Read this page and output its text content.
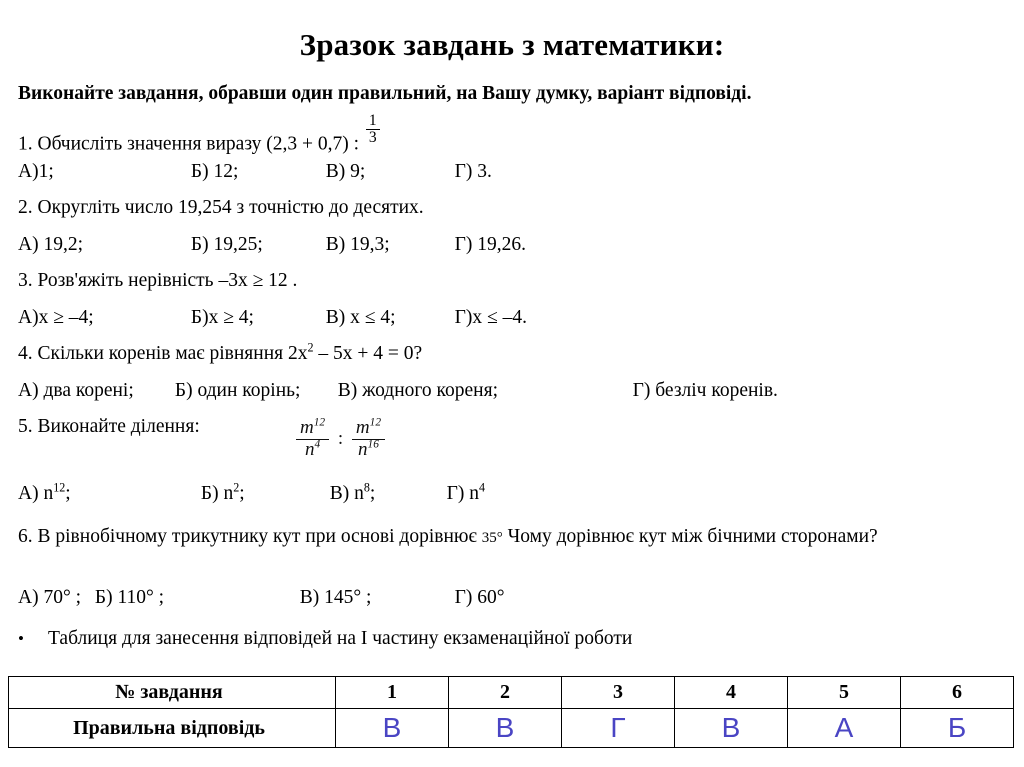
Зразок завдань з математики:
Виконайте завдання, обравши один правильний, на Вашу думку, варіант відповіді.
1. Обчисліть значення виразу (2,3 + 0,7) : $\frac{1}{3}$
А)1;	Б) 12;	В) 9;	Г) 3.
2. Округліть число 19,254 з точністю до десятих.
А) 19,2;	Б) 19,25;	В) 19,3;	Г) 19,26.
3. Розв'яжіть нерівність –3х ≥ 12 .
А)х ≥ –4;	Б)х ≥ 4;	В) х ≤ 4;	Г)х ≤ –4.
4. Скільки коренів має рівняння $2х^2 - 5х + 4 = 0$?
А) два корені; Б) один корінь; В) жодного кореня;	Г) безліч коренів.
5. Виконайте ділення:	$\frac{m^{12}}{n^4}$ : $\frac{m^{12}}{n^{16}}$
А) $n^{12}$;	Б) $n^2$;	В) $n^8$;	Г) $n^4$
6. В рівнобічному трикутнику кут при основі дорівнює 35° Чому дорівнює кут між бічними сторонами?
А) 70° ; Б) 110° ;	В) 145° ;	Г) 60°
• Таблиця для занесення відповідей на I частину екзаменаційної роботи
№ завдання	1	2	3	4	5	6
Правильна відповідь	В	В	Г	В	А	Б
